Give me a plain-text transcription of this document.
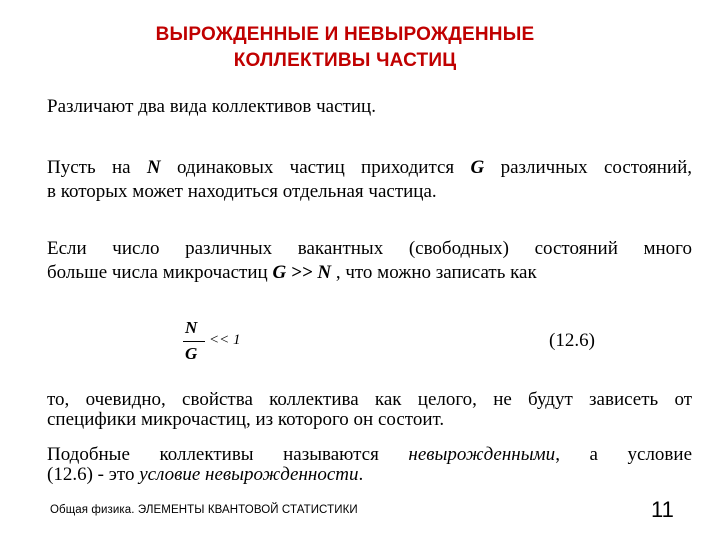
ВЫРОЖДЕННЫЕ И НЕВЫРОЖДЕННЫЕ
КОЛЛЕКТИВЫ ЧАСТИЦ
Различают два вида коллективов частиц.
Пусть на N одинаковых частиц приходится G различных состояний,
в которых может находиться отдельная частица.
Если число различных вакантных (свободных) состояний много
больше числа микрочастиц G >> N , что можно записать как
N
G
<< 1	(12.6)
то, очевидно, свойства коллектива как целого, не будут зависеть от
специфики микрочастиц, из которого он состоит.
Подобные коллективы называются невырожденными, а условие
(12.6) - это условие невырожденности.
Общая физика. ЭЛЕМЕНТЫ КВАНТОВОЙ СТАТИСТИКИ	11
